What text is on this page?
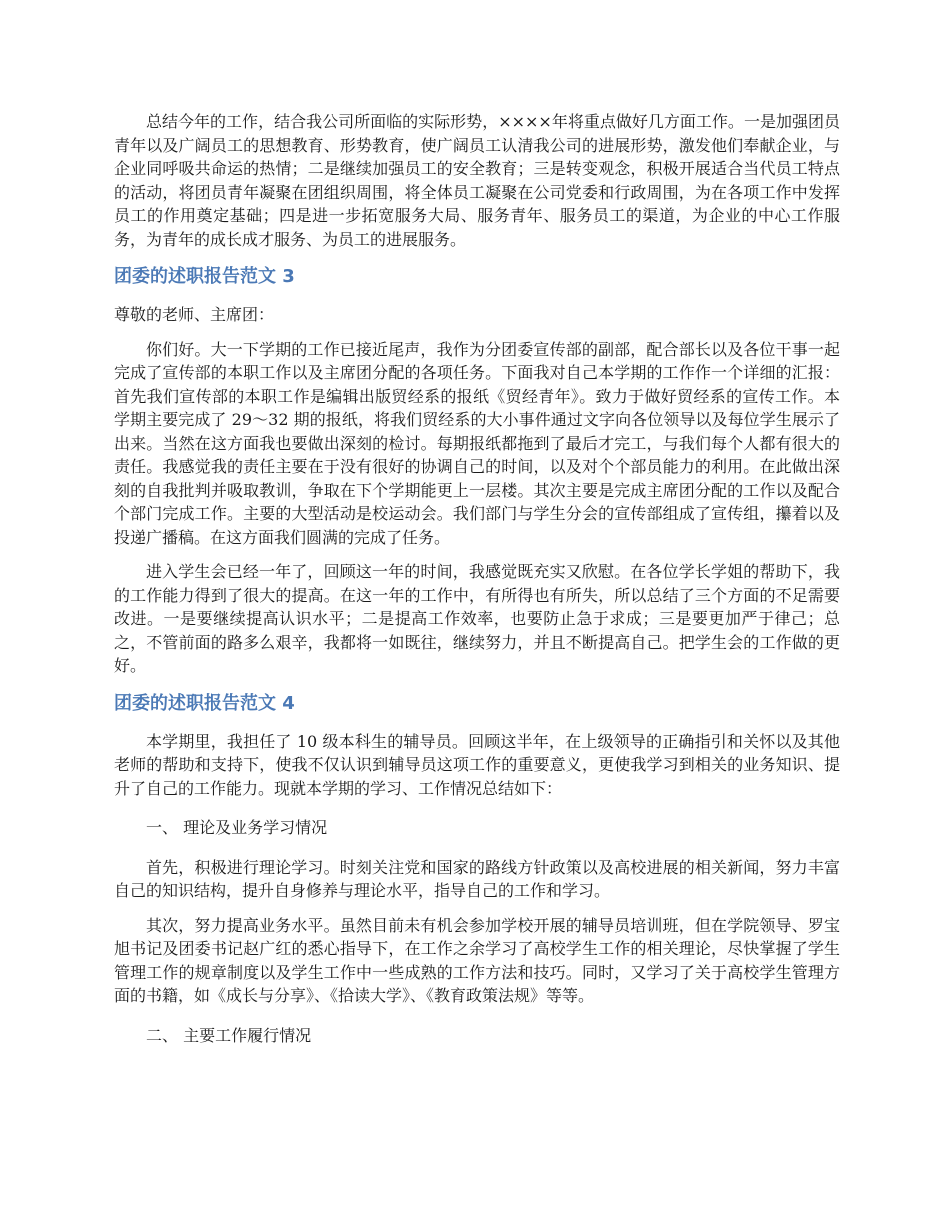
总结今年的工作，结合我公司所面临的实际形势，××××年将重点做好几方面工作。一是加强团员青年以及广阔员工的思想教育、形势教育，使广阔员工认清我公司的进展形势，激发他们奉献企业，与企业同呼吸共命运的热情；二是继续加强员工的安全教育；三是转变观念，积极开展适合当代员工特点的活动，将团员青年凝聚在团组织周围，将全体员工凝聚在公司党委和行政周围，为在各项工作中发挥员工的作用奠定基础；四是进一步拓宽服务大局、服务青年、服务员工的渠道，为企业的中心工作服务，为青年的成长成才服务、为员工的进展服务。

团委的述职报告范文 3

尊敬的老师、主席团：

你们好。大一下学期的工作已接近尾声，我作为分团委宣传部的副部，配合部长以及各位干事一起完成了宣传部的本职工作以及主席团分配的各项任务。下面我对自己本学期的工作作一个详细的汇报：首先我们宣传部的本职工作是编辑出版贸经系的报纸《贸经青年》。致力于做好贸经系的宣传工作。本学期主要完成了 29～32 期的报纸，将我们贸经系的大小事件通过文字向各位领导以及每位学生展示了出来。当然在这方面我也要做出深刻的检讨。每期报纸都拖到了最后才完工，与我们每个人都有很大的责任。我感觉我的责任主要在于没有很好的协调自己的时间，以及对个个部员能力的利用。在此做出深刻的自我批判并吸取教训，争取在下个学期能更上一层楼。其次主要是完成主席团分配的工作以及配合个部门完成工作。主要的大型活动是校运动会。我们部门与学生分会的宣传部组成了宣传组，攥着以及投递广播稿。在这方面我们圆满的完成了任务。

进入学生会已经一年了，回顾这一年的时间，我感觉既充实又欣慰。在各位学长学姐的帮助下，我的工作能力得到了很大的提高。在这一年的工作中，有所得也有所失，所以总结了三个方面的不足需要改进。一是要继续提高认识水平；二是提高工作效率，也要防止急于求成；三是要更加严于律己；总之，不管前面的路多么艰辛，我都将一如既往，继续努力，并且不断提高自己。把学生会的工作做的更好。

团委的述职报告范文 4

本学期里，我担任了 10 级本科生的辅导员。回顾这半年，在上级领导的正确指引和关怀以及其他老师的帮助和支持下，使我不仅认识到辅导员这项工作的重要意义，更使我学习到相关的业务知识、提升了自己的工作能力。现就本学期的学习、工作情况总结如下：

一、 理论及业务学习情况

首先，积极进行理论学习。时刻关注党和国家的路线方针政策以及高校进展的相关新闻，努力丰富自己的知识结构，提升自身修养与理论水平，指导自己的工作和学习。

其次，努力提高业务水平。虽然目前未有机会参加学校开展的辅导员培训班，但在学院领导、罗宝旭书记及团委书记赵广红的悉心指导下，在工作之余学习了高校学生工作的相关理论，尽快掌握了学生管理工作的规章制度以及学生工作中一些成熟的工作方法和技巧。同时，又学习了关于高校学生管理方面的书籍，如《成长与分享》、《拾读大学》、《教育政策法规》等等。

二、 主要工作履行情况
